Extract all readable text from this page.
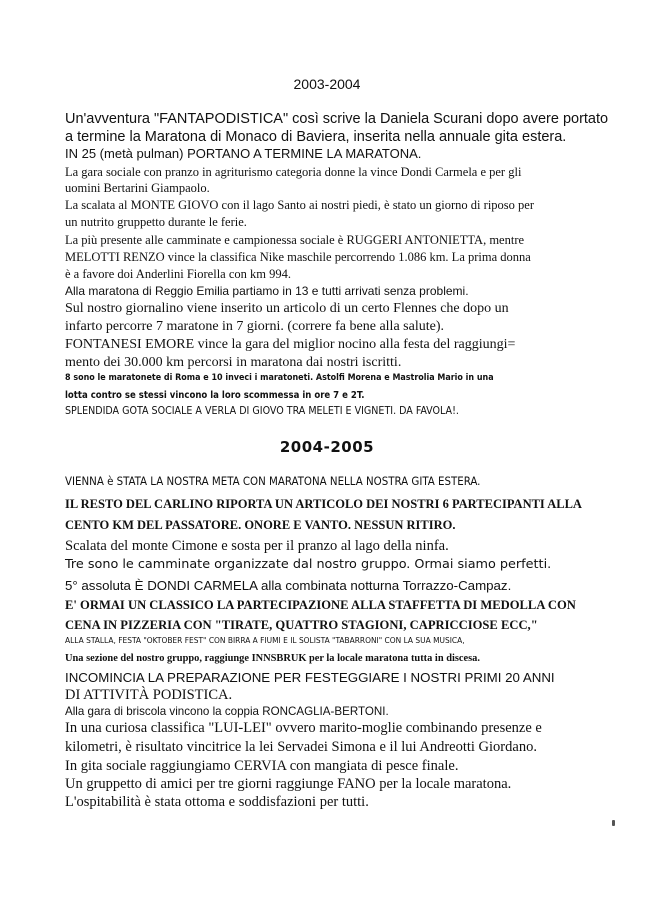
2003-2004
Un'avventura "FANTAPODISTICA" così scrive la Daniela Scurani dopo avere portato
a termine la Maratona di Monaco di Baviera, inserita nella annuale gita estera.
IN 25 (metà pulman) PORTANO A TERMINE LA MARATONA.
La gara sociale con pranzo in agriturismo categoria donne la vince Dondi Carmela e per gli
uomini Bertarini Giampaolo.
La scalata al MONTE GIOVO con il lago Santo ai nostri piedi, è stato un giorno di riposo per
un nutrito gruppetto durante le ferie.
La più presente alle camminate e campionessa sociale è RUGGERI ANTONIETTA, mentre
MELOTTI RENZO vince la classifica Nike maschile percorrendo 1.086 km. La prima donna
è a favore doi Anderlini Fiorella con km 994.
Alla maratona di Reggio Emilia partiamo in 13 e tutti arrivati senza problemi.
Sul nostro giornalino viene inserito un articolo di un certo Flennes che dopo un
infarto percorre 7 maratone in 7 giorni. (correre fa bene alla salute).
FONTANESI EMORE vince la gara del miglior nocino alla festa del raggiungi=
mento dei 30.000 km percorsi in maratona dai nostri iscritti.
8 sono le maratonete di Roma e 10 inveci i maratoneti. Astolfi Morena e Mastrolia Mario in una
lotta contro se stessi vincono la loro scommessa in ore 7 e 2T.
SPLENDIDA GOTA SOCIALE A VERLA DI GIOVO TRA MELETI E VIGNETI. DA FAVOLA!.
2004-2005
VIENNA è STATA LA NOSTRA META CON MARATONA NELLA NOSTRA GITA ESTERA.
IL RESTO DEL CARLINO RIPORTA UN ARTICOLO DEI NOSTRI 6 PARTECIPANTI ALLA
CENTO KM DEL PASSATORE. ONORE E VANTO. NESSUN RITIRO.
Scalata del monte Cimone e sosta per il pranzo al lago della ninfa.
Tre sono le camminate organizzate dal nostro gruppo. Ormai siamo perfetti.
5° assoluta È DONDI CARMELA alla combinata notturna Torrazzo-Campaz.
E' ORMAI UN CLASSICO LA PARTECIPAZIONE ALLA STAFFETTA DI MEDOLLA CON
CENA IN PIZZERIA CON "TIRATE, QUATTRO STAGIONI, CAPRICCIOSE ECC,"
ALLA STALLA, FESTA "OKTOBER FEST" CON BIRRA A FIUMI E IL SOLISTA "TABARRONI" CON LA SUA MUSICA,
Una sezione del nostro gruppo, raggiunge INNSBRUK per la locale maratona tutta in discesa.
INCOMINCIA LA PREPARAZIONE PER FESTEGGIARE I NOSTRI PRIMI 20 ANNI
DI ATTIVITÀ PODISTICA.
Alla gara di briscola vincono la coppia RONCAGLIA-BERTONI.
In una curiosa classifica "LUI-LEI" ovvero marito-moglie combinando presenze e
kilometri, è risultato vincitrice la lei Servadei Simona e il lui Andreotti Giordano.
In gita sociale raggiungiamo CERVIA con mangiata di pesce finale.
Un gruppetto di amici per tre giorni raggiunge FANO per la locale maratona.
L'ospitabilità è stata ottoma e soddisfazioni per tutti.
